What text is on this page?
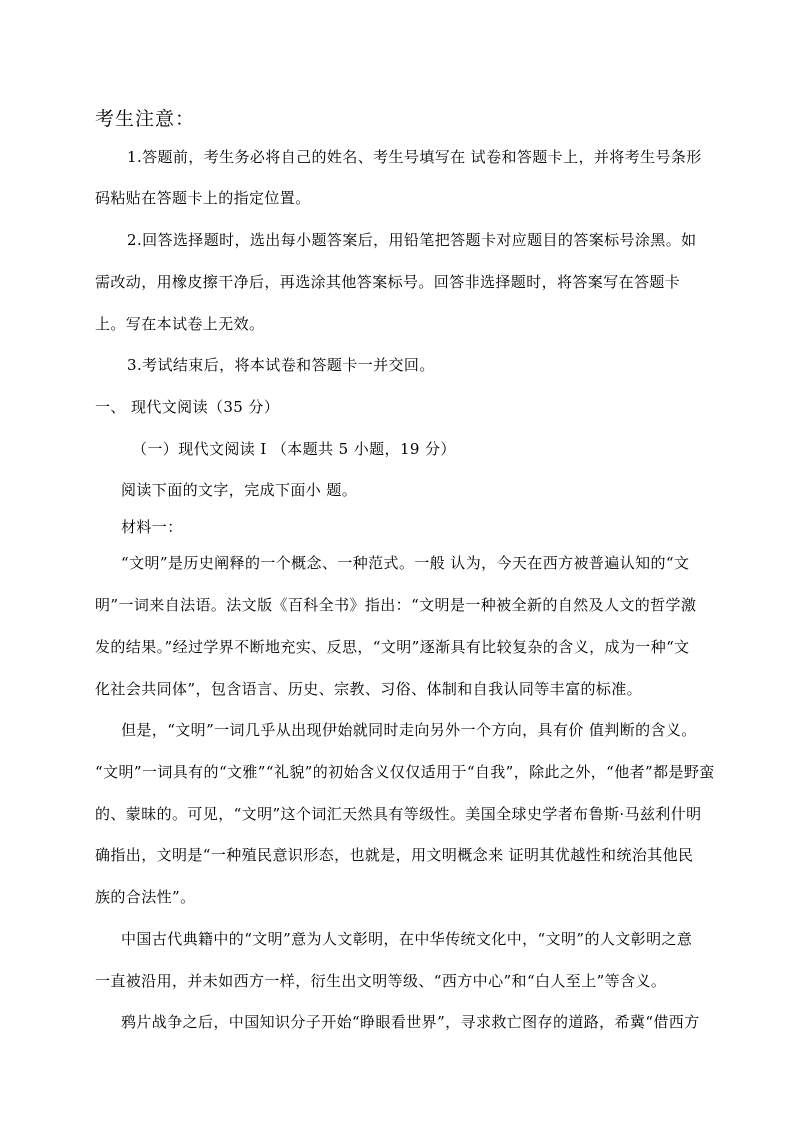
考生注意：
1.答题前，考生务必将自己的姓名、考生号填写在 试卷和答题卡上，并将考生号条形
码粘贴在答题卡上的指定位置。
2.回答选择题时，选出每小题答案后，用铅笔把答题卡对应题目的答案标号涂黑。如
需改动，用橡皮擦干净后，再选涂其他答案标号。回答非选择题时，将答案写在答题卡
上。写在本试卷上无效。
3.考试结束后，将本试卷和答题卡一并交回。
一、 现代文阅读（35 分）
（一）现代文阅读 I （本题共 5 小题，19 分）
阅读下面的文字，完成下面小 题。
材料一：
“文明”是历史阐释的一个概念、一种范式。一般 认为，今天在西方被普遍认知的“文
明”一词来自法语。法文版《百科全书》指出：“文明是一种被全新的自然及人文的哲学激
发的结果。”经过学界不断地充实、反思，“文明”逐渐具有比较复杂的含义，成为一种“文
化社会共同体”，包含语言、历史、宗教、习俗、体制和自我认同等丰富的标准。
但是，“文明”一词几乎从出现伊始就同时走向另外一个方向，具有价 值判断的含义。
“文明”一词具有的“文雅”“礼貌”的初始含义仅仅适用于“自我”，除此之外，“他者”都是野蛮
的、蒙昧的。可见，“文明”这个词汇天然具有等级性。美国全球史学者布鲁斯·马兹利什明
确指出，文明是“一种殖民意识形态，也就是，用文明概念来 证明其优越性和统治其他民
族的合法性”。
中国古代典籍中的“文明”意为人文彰明，在中华传统文化中，“文明”的人文彰明之意
一直被沿用，并未如西方一样，衍生出文明等级、“西方中心”和“白人至上”等含义。
鸦片战争之后，中国知识分子开始“睁眼看世界”，寻求救亡图存的道路，希冀“借西方
